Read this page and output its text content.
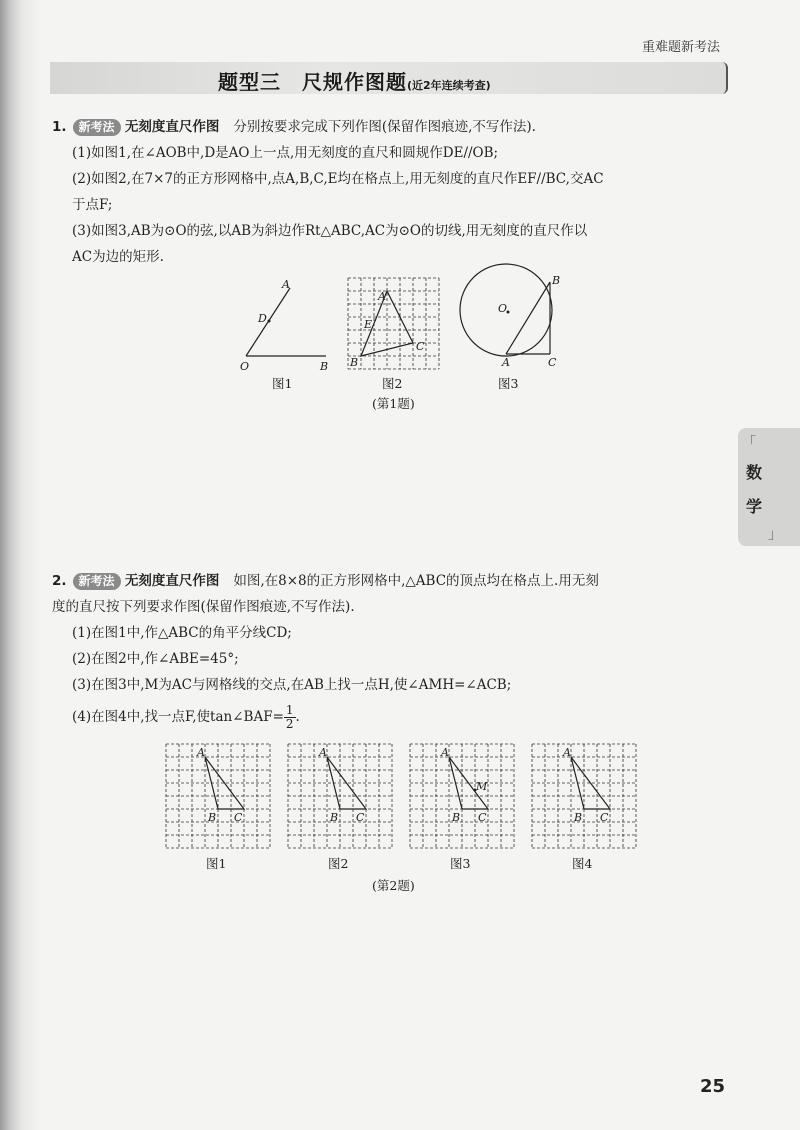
重难题新考法
题型三　尺规作图题(近2年连续考查)

1. 新考法 无刻度直尺作图 分别按要求完成下列作图(保留作图痕迹,不写作法).

(1)如图1,在∠AOB中,D是AO上一点,用无刻度的直尺和圆规作DE//OB;

(2)如图2,在7×7的正方形网格中,点A,B,C,E均在格点上,用无刻度的直尺作EF//BC,交AC

于点F;

(3)如图3,AB为⊙O的弦,以AB为斜边作Rt△ABC,AC为⊙O的切线,用无刻度的直尺作以

AC为边的矩形.

A
D
O	B
图1
A
E
B
C
图2
O
B
A	C
图3
(第1题)
「
数
学
」

2. 新考法 无刻度直尺作图 如图,在8×8的正方形网格中,△ABC的顶点均在格点上.用无刻

度的直尺按下列要求作图(保留作图痕迹,不写作法).

(1)在图1中,作△ABC的角平分线CD;

(2)在图2中,作∠ABE=45°;

(3)在图3中,M为AC与网格线的交点,在AB上找一点H,使∠AMH=∠ACB;

(4)在图4中,找一点F,使tan∠BAF= $\frac{1}{2}$ .

A
B C
图1
A
B C
图2
A
M
B C
图3
A
B C
图4
(第2题)
25
